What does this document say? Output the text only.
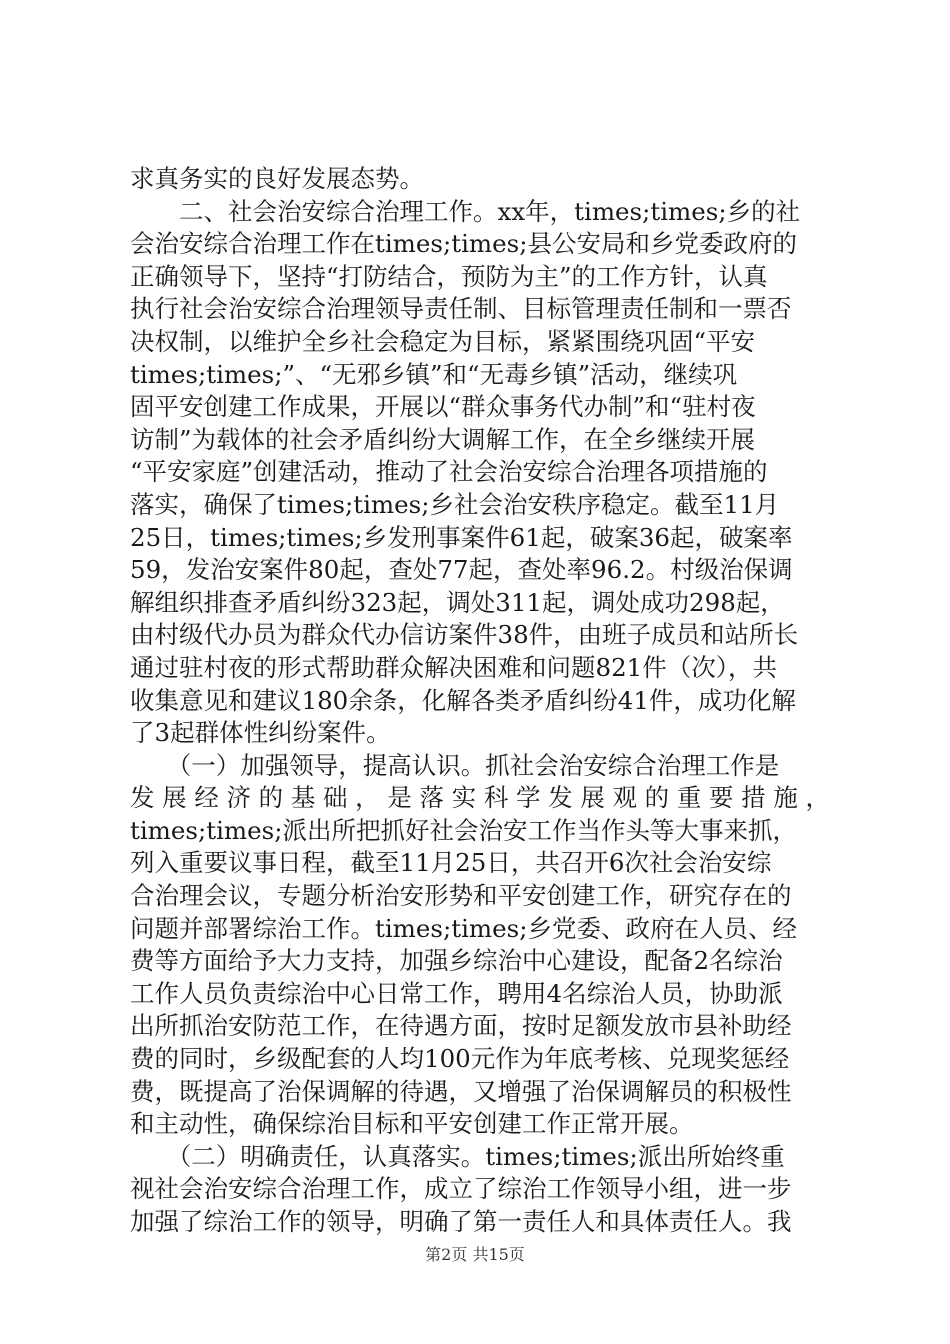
求真务实的良好发展态势。
　　二、社会治安综合治理工作。xx年，times;times;乡的社
会治安综合治理工作在times;times;县公安局和乡党委政府的
正确领导下，坚持“打防结合，预防为主”的工作方针，认真
执行社会治安综合治理领导责任制、目标管理责任制和一票否
决权制，以维护全乡社会稳定为目标，紧紧围绕巩固“平安
times;times;”、“无邪乡镇”和“无毒乡镇”活动，继续巩
固平安创建工作成果，开展以“群众事务代办制”和“驻村夜
访制”为载体的社会矛盾纠纷大调解工作，在全乡继续开展
“平安家庭”创建活动，推动了社会治安综合治理各项措施的
落实，确保了times;times;乡社会治安秩序稳定。截至11月
25日，times;times;乡发刑事案件61起，破案36起，破案率
59，发治安案件80起，查处77起，查处率96.2。村级治保调
解组织排查矛盾纠纷323起，调处311起，调处成功298起，
由村级代办员为群众代办信访案件38件，由班子成员和站所长
通过驻村夜的形式帮助群众解决困难和问题821件（次），共
收集意见和建议180余条，化解各类矛盾纠纷41件，成功化解
了3起群体性纠纷案件。
　　（一）加强领导，提高认识。抓社会治安综合治理工作是
发展经济的基础，是落实科学发展观的重要措施，
times;times;派出所把抓好社会治安工作当作头等大事来抓，
列入重要议事日程，截至11月25日，共召开6次社会治安综
合治理会议，专题分析治安形势和平安创建工作，研究存在的
问题并部署综治工作。times;times;乡党委、政府在人员、经
费等方面给予大力支持，加强乡综治中心建设，配备2名综治
工作人员负责综治中心日常工作，聘用4名综治人员，协助派
出所抓治安防范工作，在待遇方面，按时足额发放市县补助经
费的同时，乡级配套的人均100元作为年底考核、兑现奖惩经
费，既提高了治保调解的待遇，又增强了治保调解员的积极性
和主动性，确保综治目标和平安创建工作正常开展。
　　（二）明确责任，认真落实。times;times;派出所始终重
视社会治安综合治理工作，成立了综治工作领导小组，进一步
加强了综治工作的领导，明确了第一责任人和具体责任人。我
第2页 共15页
